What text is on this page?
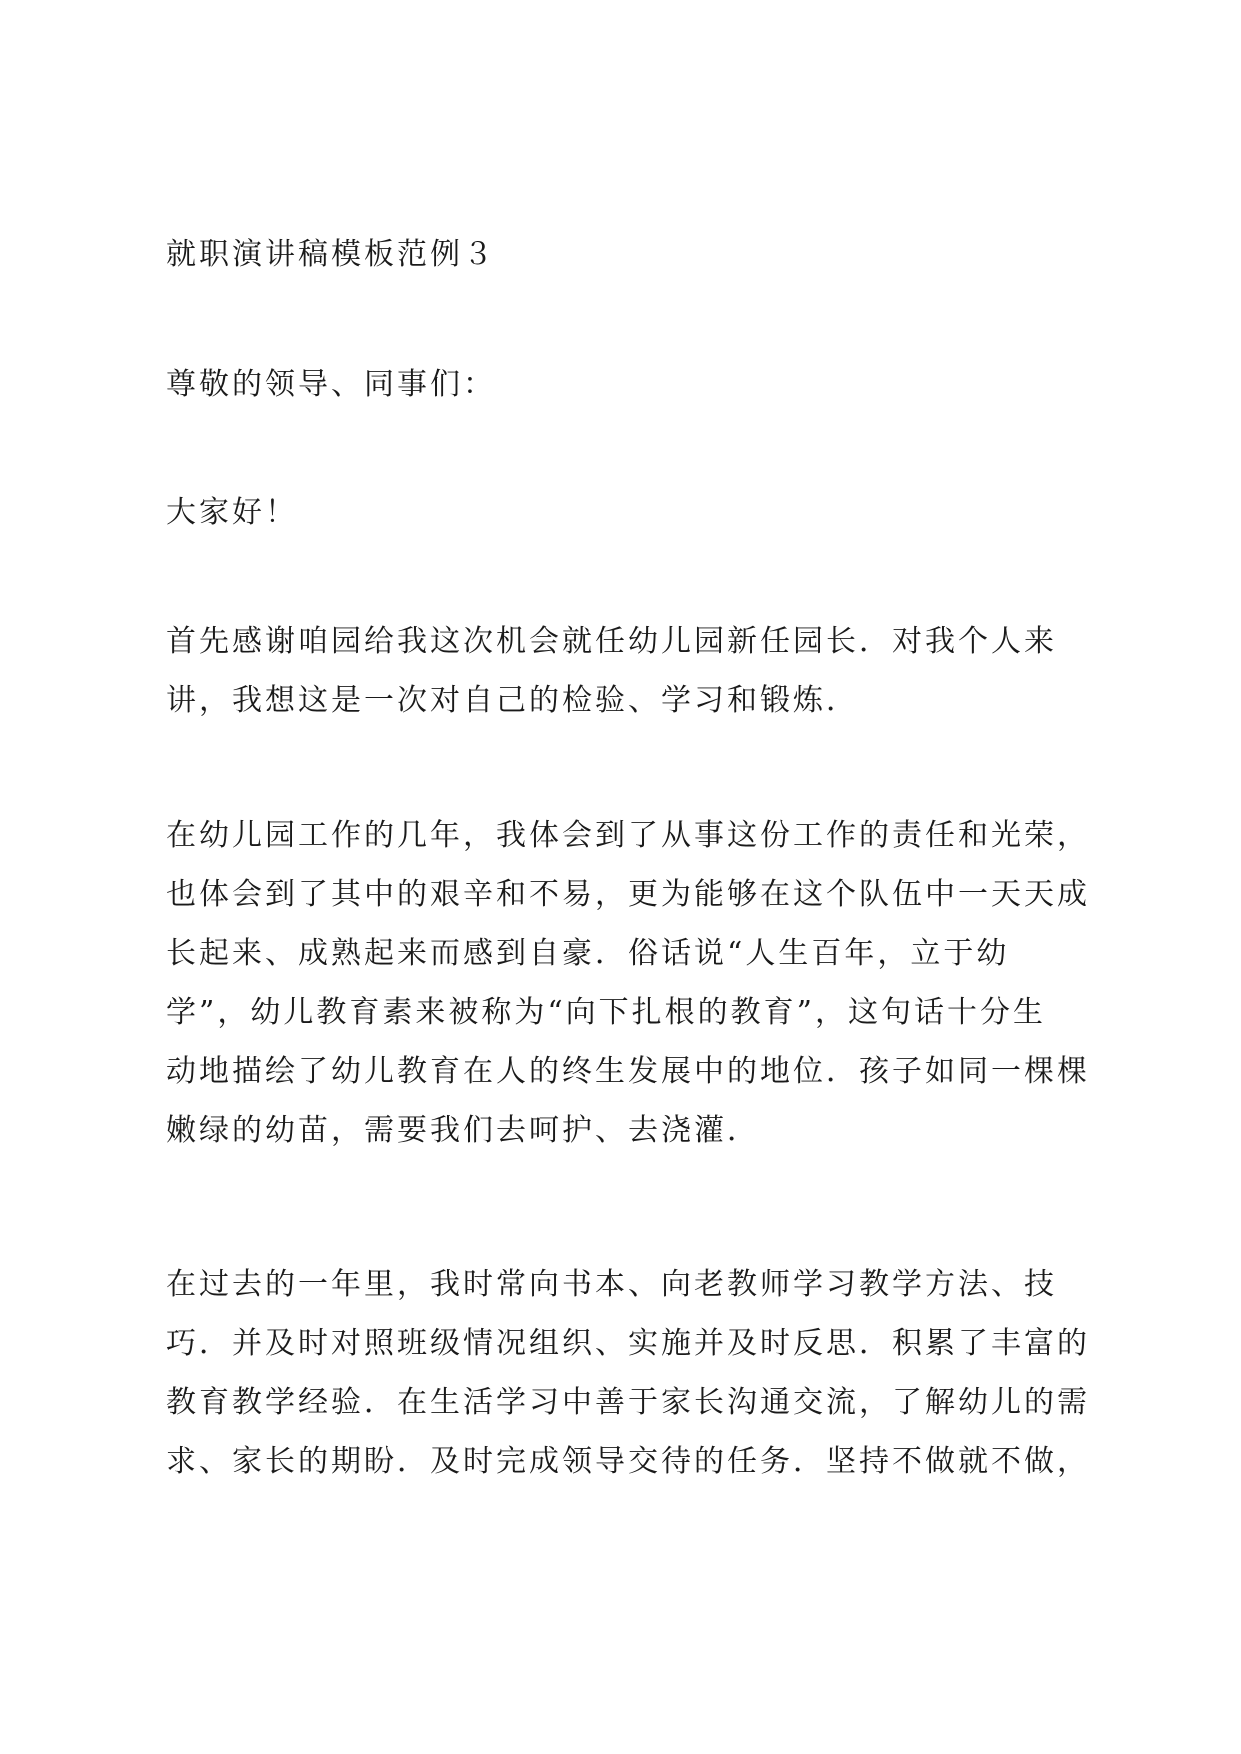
就职演讲稿模板范例３

尊敬的领导、同事们：

大家好！

首先感谢咱园给我这次机会就任幼儿园新任园长．对我个人来
讲，我想这是一次对自己的检验、学习和锻炼．

在幼儿园工作的几年，我体会到了从事这份工作的责任和光荣，
也体会到了其中的艰辛和不易，更为能够在这个队伍中一天天成
长起来、成熟起来而感到自豪．俗话说“人生百年，立于幼
学”，幼儿教育素来被称为“向下扎根的教育”，这句话十分生
动地描绘了幼儿教育在人的终生发展中的地位．孩子如同一棵棵
嫩绿的幼苗，需要我们去呵护、去浇灌．

在过去的一年里，我时常向书本、向老教师学习教学方法、技
巧．并及时对照班级情况组织、实施并及时反思．积累了丰富的
教育教学经验．在生活学习中善于家长沟通交流，了解幼儿的需
求、家长的期盼．及时完成领导交待的任务．坚持不做就不做，
